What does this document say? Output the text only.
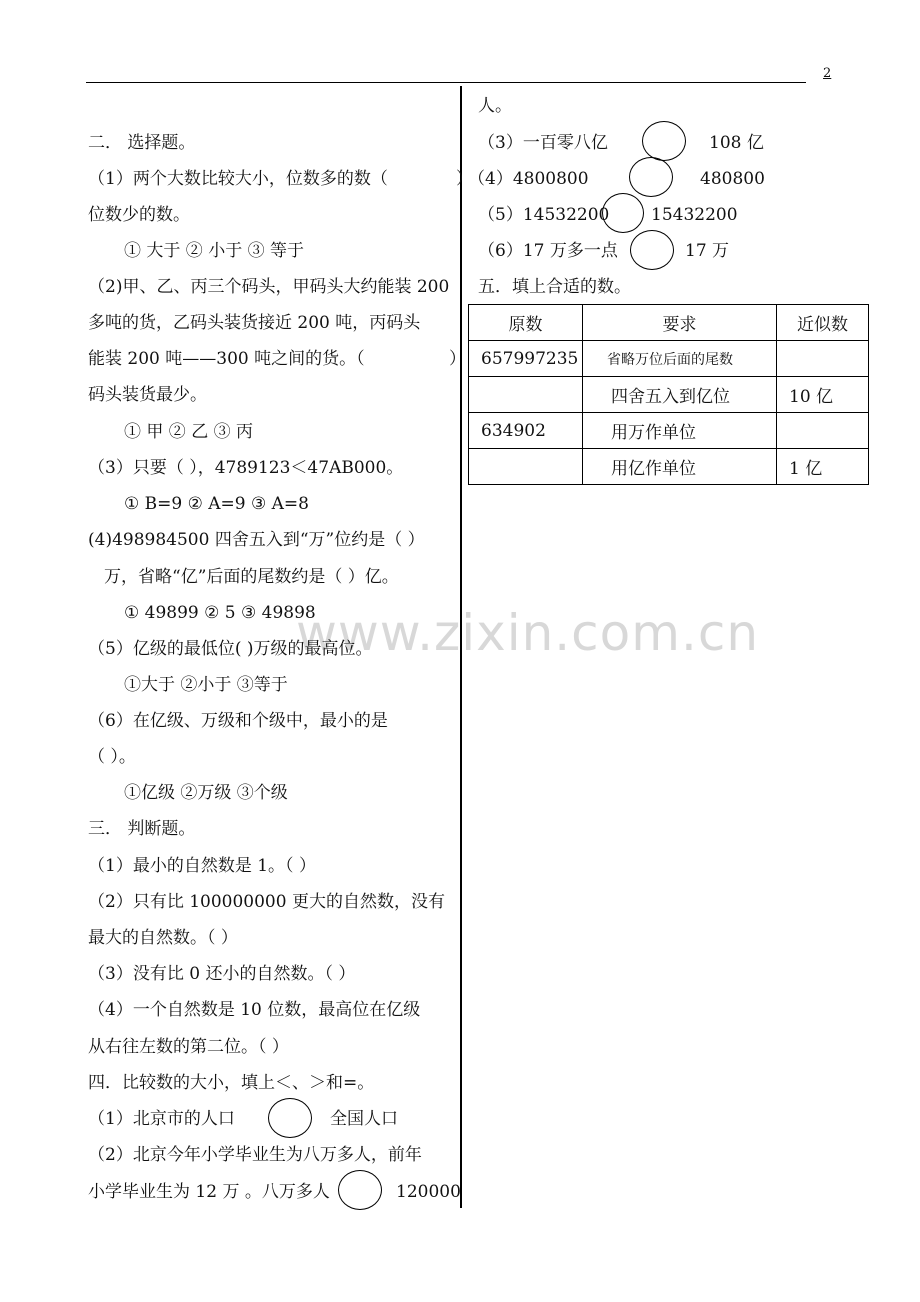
2
www.zixin.com.cn
二． 选择题。
（1）两个大数比较大小，位数多的数（
位数少的数。
① 大于 ② 小于 ③ 等于
（2)甲、乙、丙三个码头，甲码头大约能装 200
多吨的货，乙码头装货接近 200 吨，丙码头
能装 200 吨——300 吨之间的货。（
码头装货最少。
① 甲 ② 乙 ③ 丙
（3）只要（ ），4789123＜47AB000。
① B=9 ② A=9 ③ A=8
(4)498984500 四舍五入到“万”位约是（ ）
万，省略“亿”后面的尾数约是（ ）亿。
① 49899 ② 5 ③ 49898
（5）亿级的最低位( )万级的最高位。
①大于 ②小于 ③等于
（6）在亿级、万级和个级中，最小的是
（ ）。
①亿级 ②万级 ③个级
三． 判断题。
（1）最小的自然数是 1。（ ）
（2）只有比 100000000 更大的自然数，没有
最大的自然数。（ ）
（3）没有比 0 还小的自然数。（ ）
（4）一个自然数是 10 位数，最高位在亿级
从右往左数的第二位。（ ）
四．比较数的大小，填上＜、＞和=。
（1）北京市的人口	全国人口
（2）北京今年小学毕业生为八万多人，前年
小学毕业生为 12 万 。八万多人	120000
）
）
人。
（3）一百零八亿	108 亿
（4）4800800	480800
（5）14532200 15432200
（6）17 万多一点	17 万
五．填上合适的数。
原数	要求	近似数
657997235	省略万位后面的尾数	
	四舍五入到亿位	10 亿
634902	用万作单位	
	用亿作单位	1 亿
